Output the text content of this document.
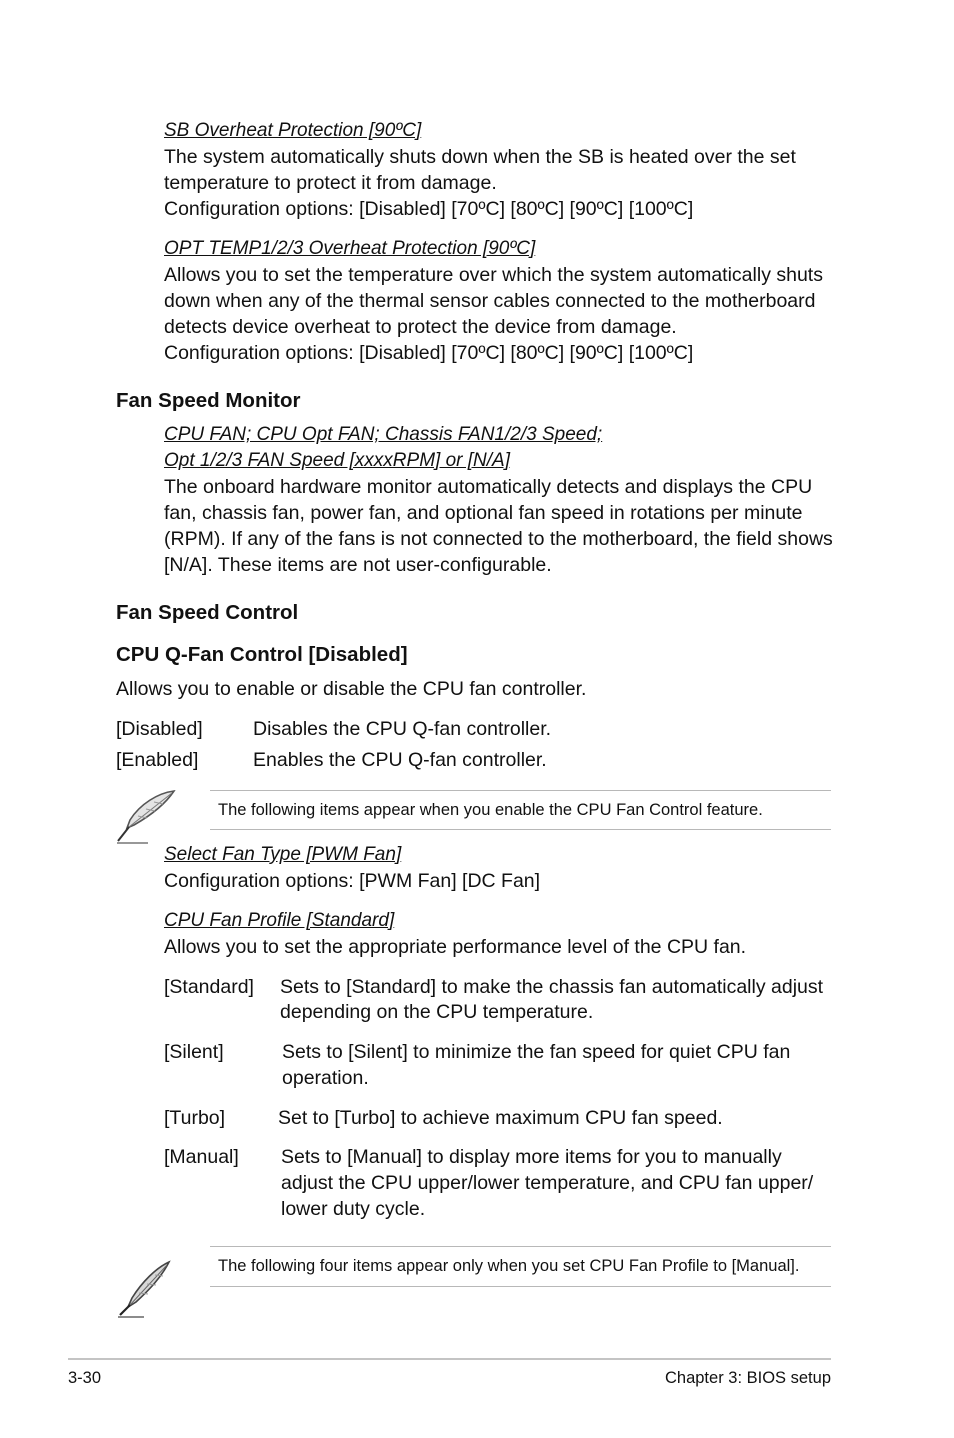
SB Overheat Protection [90ºC]
The system automatically shuts down when the SB is heated over the set
temperature to protect it from damage.
Configuration options: [Disabled] [70ºC] [80ºC] [90ºC] [100ºC]
OPT TEMP1/2/3 Overheat Protection [90ºC]
Allows you to set the temperature over which the system automatically shuts
down when any of the thermal sensor cables connected to the motherboard
detects device overheat to protect the device from damage.
Configuration options: [Disabled] [70ºC] [80ºC] [90ºC] [100ºC]
Fan Speed Monitor
CPU FAN; CPU Opt FAN; Chassis FAN1/2/3 Speed;
Opt 1/2/3 FAN Speed [xxxxRPM] or [N/A]
The onboard hardware monitor automatically detects and displays the CPU
fan, chassis fan, power fan, and optional fan speed in rotations per minute
(RPM). If any of the fans is not connected to the motherboard, the field shows
[N/A]. These items are not user-configurable.
Fan Speed Control
CPU Q-Fan Control [Disabled]
Allows you to enable or disable the CPU fan controller.
[Disabled]	Disables the CPU Q-fan controller.
[Enabled]	Enables the CPU Q-fan controller.
The following items appear when you enable the CPU Fan Control feature.
Select Fan Type [PWM Fan]
Configuration options: [PWM Fan] [DC Fan]
CPU Fan Profile [Standard]
Allows you to set the appropriate performance level of the CPU fan.
[Standard] Sets to [Standard] to make the chassis fan automatically adjust
depending on the CPU temperature.
[Silent]	Sets to [Silent] to minimize the fan speed for quiet CPU fan
operation.
[Turbo]	Set to [Turbo] to achieve maximum CPU fan speed.
[Manual] Sets to [Manual] to display more items for you to manually
adjust the CPU upper/lower temperature, and CPU fan upper/
lower duty cycle.
The following four items appear only when you set CPU Fan Profile to [Manual].
3-30	Chapter 3: BIOS setup
